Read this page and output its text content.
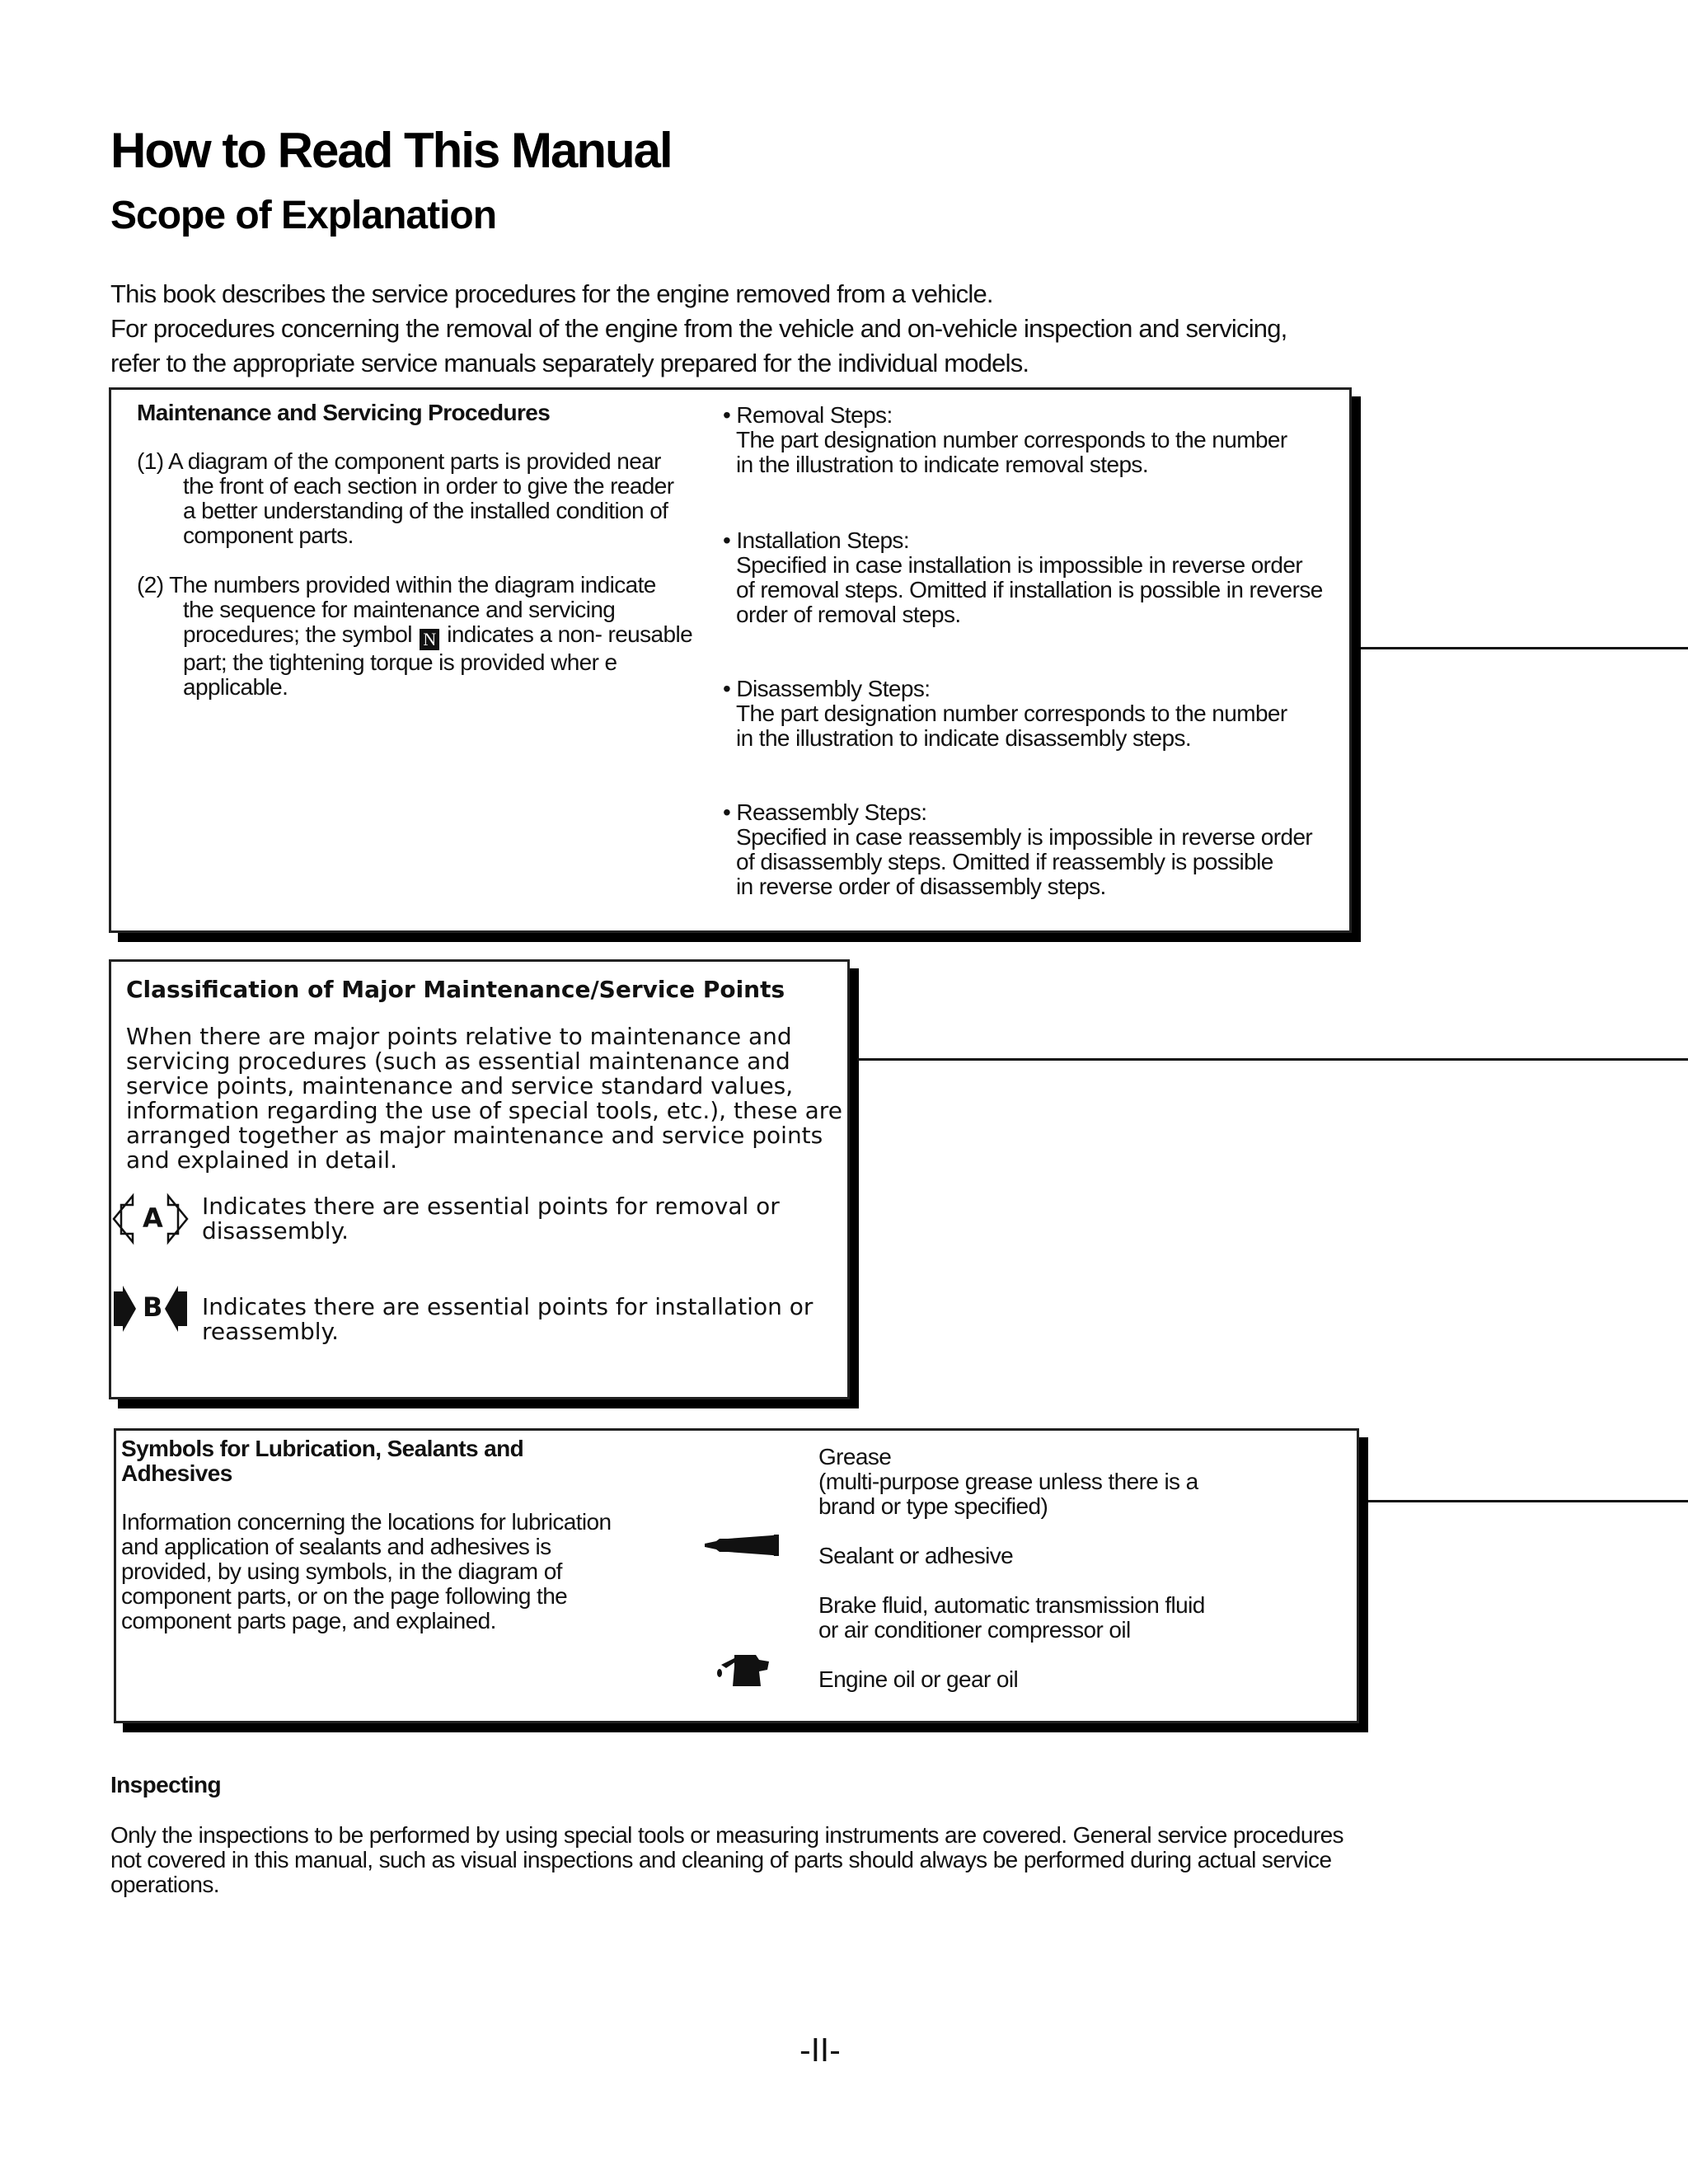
How to Read This Manual
Scope of Explanation
This book describes the service procedures for the engine removed from a vehicle.
For procedures concerning the removal of the engine from the vehicle and on-vehicle inspection and servicing,
refer to the appropriate service manuals separately prepared for the individual models.
Maintenance and Servicing Procedures
(1) A diagram of the component parts is provided near
the front of each section in order to give the reader
a better understanding of the installed condition of
component parts.
(2) The numbers provided within the diagram indicate
the sequence for maintenance and servicing
procedures; the symbol N indicates a non- reusable
part; the tightening torque is provided wher e
applicable.
• Removal Steps:
The part designation number corresponds to the number
in the illustration to indicate removal steps.
• Installation Steps:
Specified in case installation is impossible in reverse order
of removal steps. Omitted if installation is possible in reverse
order of removal steps.
• Disassembly Steps:
The part designation number corresponds to the number
in the illustration to indicate disassembly steps.
• Reassembly Steps:
Specified in case reassembly is impossible in reverse order
of disassembly steps. Omitted if reassembly is possible
in reverse order of disassembly steps.
Classification of Major Maintenance/Service Points
When there are major points relative to maintenance and
servicing procedures (such as essential maintenance and
service points, maintenance and service standard values,
information regarding the use of special tools, etc.), these are
arranged together as major maintenance and service points
and explained in detail.
A Indicates there are essential points for removal or
disassembly.
B Indicates there are essential points for installation or
reassembly.
Symbols for Lubrication, Sealants and
Adhesives
Information concerning the locations for lubrication
and application of sealants and adhesives is
provided, by using symbols, in the diagram of
component parts, or on the page following the
component parts page, and explained.
Grease
(multi-purpose grease unless there is a
brand or type specified)
Sealant or adhesive
Brake fluid, automatic transmission fluid
or air conditioner compressor oil
Engine oil or gear oil
Inspecting
Only the inspections to be performed by using special tools or measuring instruments are covered. General service procedures
not covered in this manual, such as visual inspections and cleaning of parts should always be performed during actual service
operations.
-II-
